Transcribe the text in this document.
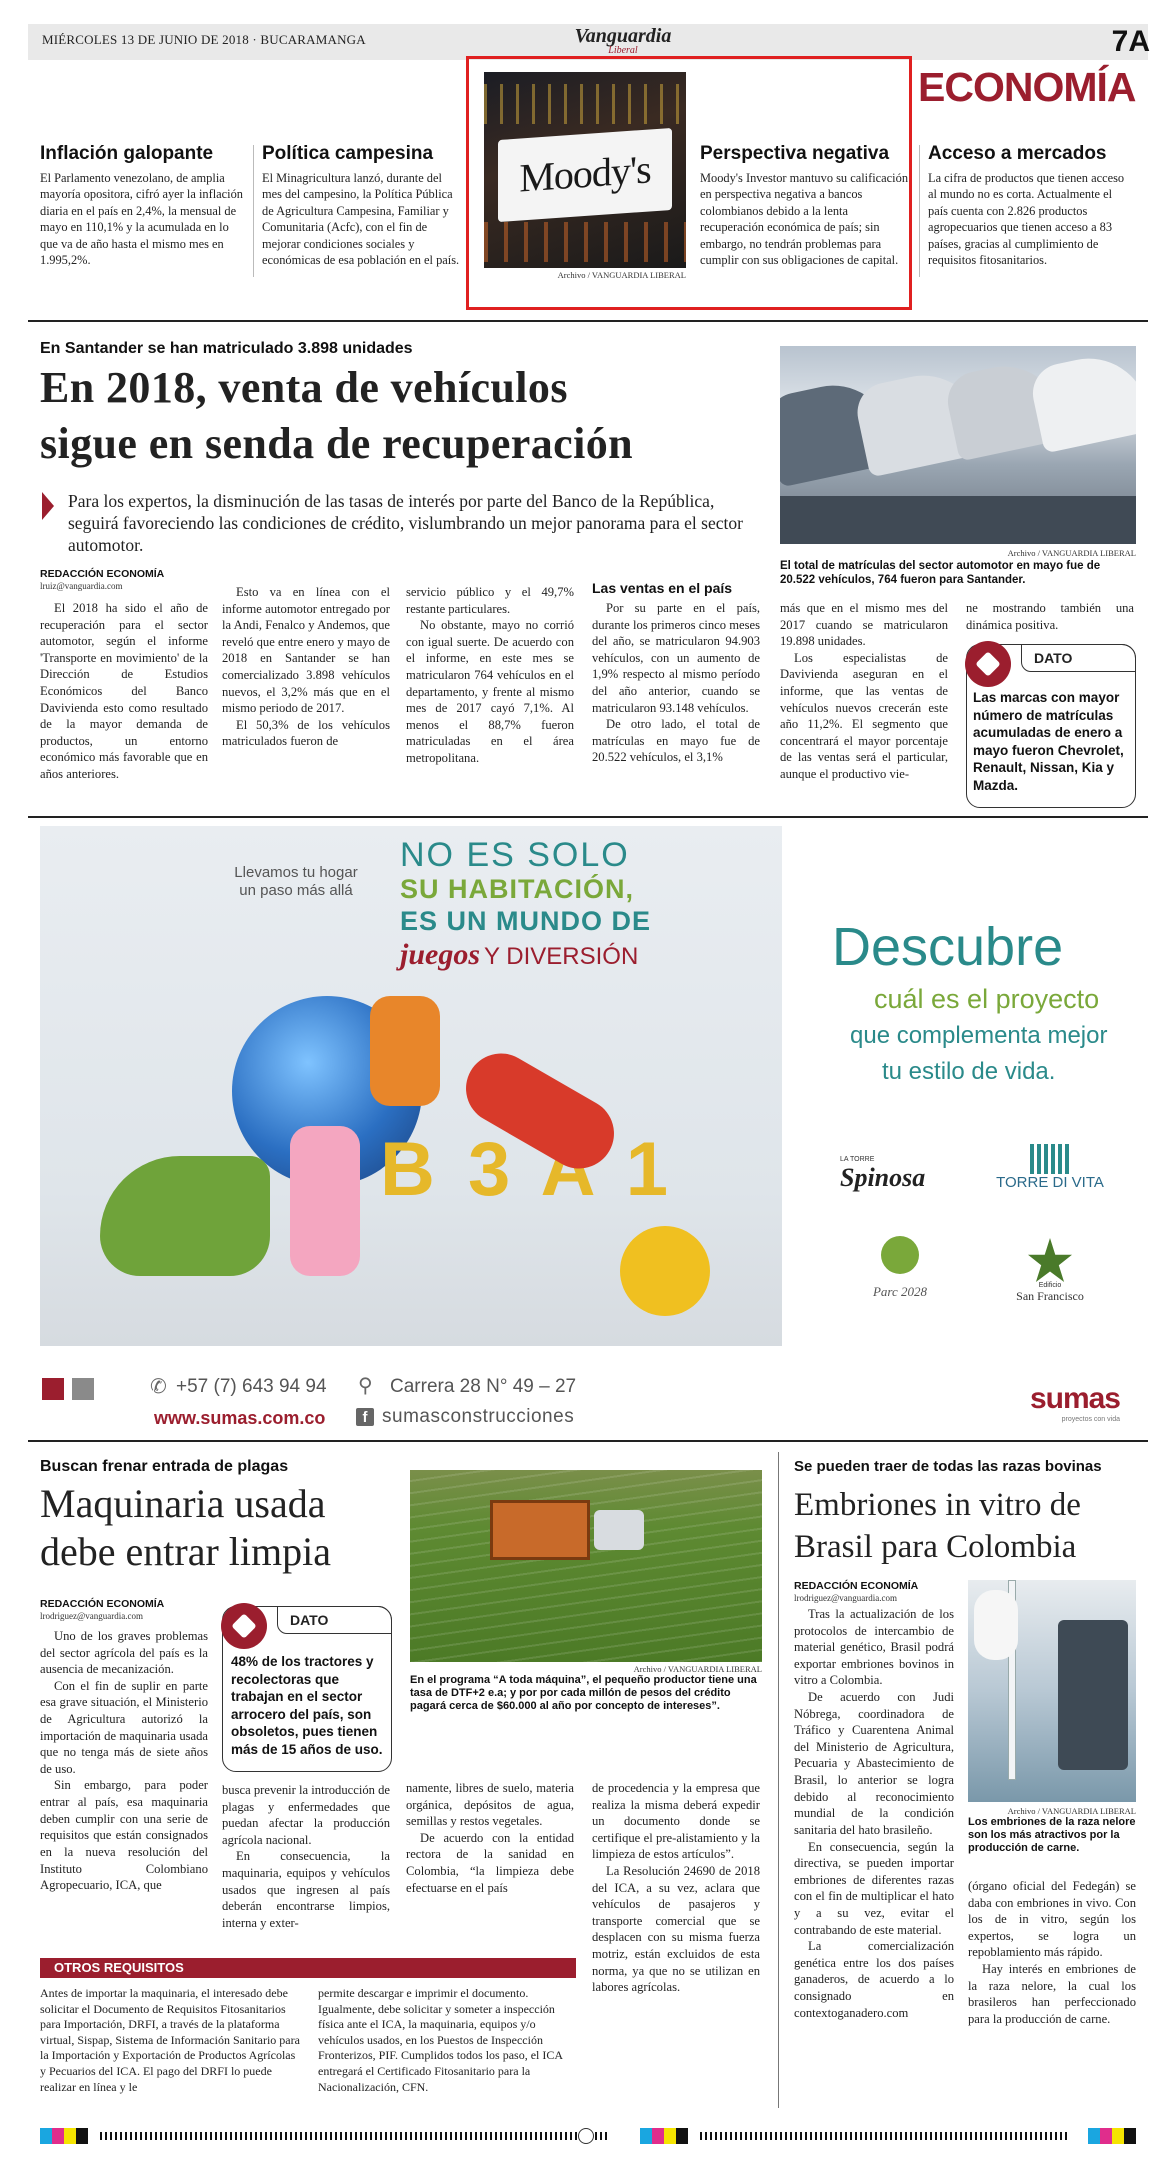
MIÉRCOLES 13 DE JUNIO DE 2018 · BUCARAMANGA	Vanguardia
Liberal	7A
ECONOMÍA
Inflación galopante
El Parlamento venezolano, de amplia mayoría opositora, cifró ayer la inflación diaria en el país en 2,4%, la mensual de mayo en 110,1% y la acumulada en lo que va de año hasta el mismo mes en 1.995,2%.
Política campesina
El Minagricultura lanzó, durante del mes del campesino, la Política Pública de Agricultura Campesina, Familiar y Comunitaria (Acfc), con el fin de mejorar condiciones sociales y económicas de esa población en el país.
Moody's
Archivo / VANGUARDIA LIBERAL
Perspectiva negativa
Moody's Investor mantuvo su calificación en perspectiva negativa a bancos colombianos debido a la lenta recuperación económica de país; sin embargo, no tendrán problemas para cumplir con sus obligaciones de capital.
Acceso a mercados
La cifra de productos que tienen acceso al mundo no es corta. Actualmente el país cuenta con 2.826 productos agropecuarios que tienen acceso a 83 países, gracias al cumplimiento de requisitos fitosanitarios.
En Santander se han matriculado 3.898 unidades
En 2018, venta de vehículos
sigue en senda de recuperación
Para los expertos, la disminución de las tasas de interés por parte del Banco de la República, seguirá favoreciendo las condiciones de crédito, vislumbrando un mejor panorama para el sector automotor.	Archivo / VANGUARDIA LIBERAL
El total de matrículas del sector automotor en mayo fue de 20.522 vehículos, 764 fueron para Santander.
REDACCIÓN ECONOMÍA
lruiz@vanguardia.com

El 2018 ha sido el año de recuperación para el sector automotor, según el informe 'Transporte en movimiento' de la Dirección de Estudios Económicos del Banco Davivienda esto como resultado de la mayor demanda de productos, un entorno económico más favorable que en años anteriores.

Esto va en línea con el informe automotor entregado por la Andi, Fenalco y Andemos, que reveló que entre enero y mayo de 2018 en Santander se han comercializado 3.898 vehículos nuevos, el 3,2% más que en el mismo periodo de 2017.

El 50,3% de los vehículos matriculados fueron de

servicio público y el 49,7% restante particulares.

No obstante, mayo no corrió con igual suerte. De acuerdo con el informe, en este mes se matricularon 764 vehículos en el departamento, y frente al mismo mes de 2017 cayó 7,1%. Al menos el 88,7% fueron matriculadas en el área metropolitana.

Las ventas en el país

Por su parte en el país, durante los primeros cinco meses del año, se matricularon 94.903 vehículos, con un aumento de 1,9% respecto al mismo período del año anterior, cuando se matricularon 93.148 vehículos.

De otro lado, el total de matrículas en mayo fue de 20.522 vehículos, el 3,1%

más que en el mismo mes del 2017 cuando se matricularon 19.898 unidades.

Los especialistas de Davivienda aseguran en el informe, que las ventas de vehículos nuevos crecerán este año 11,2%. El segmento que concentrará el mayor porcentaje de las ventas será el particular, aunque el productivo vie-

ne mostrando también una dinámica positiva.

DATO
Las marcas con mayor número de matrículas acumuladas de enero a mayo fueron Chevrolet, Renault, Nissan, Kia y Mazda.
Llevamos tu hogar un paso más allá
NO ES SOLO
SU HABITACIÓN,
ES UN MUNDO DE
juegos Y DIVERSIÓN
B 3 A 1
Descubre
cuál es el proyecto
que complementa mejor
tu estilo de vida.
LA TORRE
Spinosa	TORRE DI VITA
Parc 2028	Edificio
San Francisco
✆ +57 (7) 643 94 94 ⚲ Carrera 28 N° 49 – 27
www.sumas.com.co	f sumasconstrucciones
sumas
proyectos con vida
Buscan frenar entrada de plagas
Maquinaria usada
debe entrar limpia
REDACCIÓN ECONOMÍA
lrodriguez@vanguardia.com

Uno de los graves problemas del sector agrícola del país es la ausencia de mecanización.

Con el fin de suplir en parte esa grave situación, el Ministerio de Agricultura autorizó la importación de maquinaria usada que no tenga más de siete años de uso.

Sin embargo, para poder entrar al país, esa maquinaria deben cumplir con una serie de requisitos que están consignados en la nueva resolución del Instituto Colombiano Agropecuario, ICA, que

DATO
48% de los tractores y recolectoras que trabajan en el sector arrocero del país, son obsoletos, pues tienen más de 15 años de uso.

busca prevenir la introducción de plagas y enfermedades que puedan afectar la producción agrícola nacional.

En consecuencia, la maquinaria, equipos y vehículos usados que ingresen al país deberán encontrarse limpios, interna y exter-

Archivo / VANGUARDIA LIBERAL
En el programa “A toda máquina”, el pequeño productor tiene una tasa de DTF+2 e.a; y por por cada millón de pesos del crédito pagará cerca de $60.000 al año por concepto de intereses”.

namente, libres de suelo, materia orgánica, depósitos de agua, semillas y restos vegetales.

De acuerdo con la entidad rectora de la sanidad en Colombia, “la limpieza debe efectuarse en el país

de procedencia y la empresa que realiza la misma deberá expedir un documento donde se certifique el pre-alistamiento y la limpieza de estos artículos”.

La Resolución 24690 de 2018 del ICA, a su vez, aclara que vehículos de pasajeros y transporte comercial que se desplacen con su misma fuerza motriz, están excluidos de esta norma, ya que no se utilizan en labores agrícolas.

OTROS REQUISITOS
Antes de importar la maquinaria, el interesado debe solicitar el Documento de Requisitos Fitosanitarios para Importación, DRFI, a través de la plataforma virtual, Sispap, Sistema de Información Sanitario para la Importación y Exportación de Productos Agrícolas y Pecuarios del ICA. El pago del DRFI lo puede realizar en línea y le
permite descargar e imprimir el documento. Igualmente, debe solicitar y someter a inspección física ante el ICA, la maquinaria, equipos y/o vehículos usados, en los Puestos de Inspección Fronterizos, PIF. Cumplidos todos los paso, el ICA entregará el Certificado Fitosanitario para la Nacionalización, CFN.
Se pueden traer de todas las razas bovinas
Embriones in vitro de
Brasil para Colombia
REDACCIÓN ECONOMÍA
lrodriguez@vanguardia.com

Tras la actualización de los protocolos de intercambio de material genético, Brasil podrá exportar embriones bovinos in vitro a Colombia.

De acuerdo con Judi Nóbrega, coordinadora de Tráfico y Cuarentena Animal del Ministerio de Agricultura, Pecuaria y Abastecimiento de Brasil, lo anterior se logra debido al reconocimiento mundial de la condición sanitaria del hato brasileño.

En consecuencia, según la directiva, se pueden importar embriones de diferentes razas con el fin de multiplicar el hato y a su vez, evitar el contrabando de este material.

La comercialización genética entre los dos países ganaderos, de acuerdo a lo consignado en contextoganadero.com

Archivo / VANGUARDIA LIBERAL
Los embriones de la raza nelore son los más atractivos por la producción de carne.

(órgano oficial del Fedegán) se daba con embriones in vivo. Con los de in vitro, según los expertos, se logra un repoblamiento más rápido.

Hay interés en embriones de la raza nelore, la cual los brasileros han perfeccionado para la producción de carne.
